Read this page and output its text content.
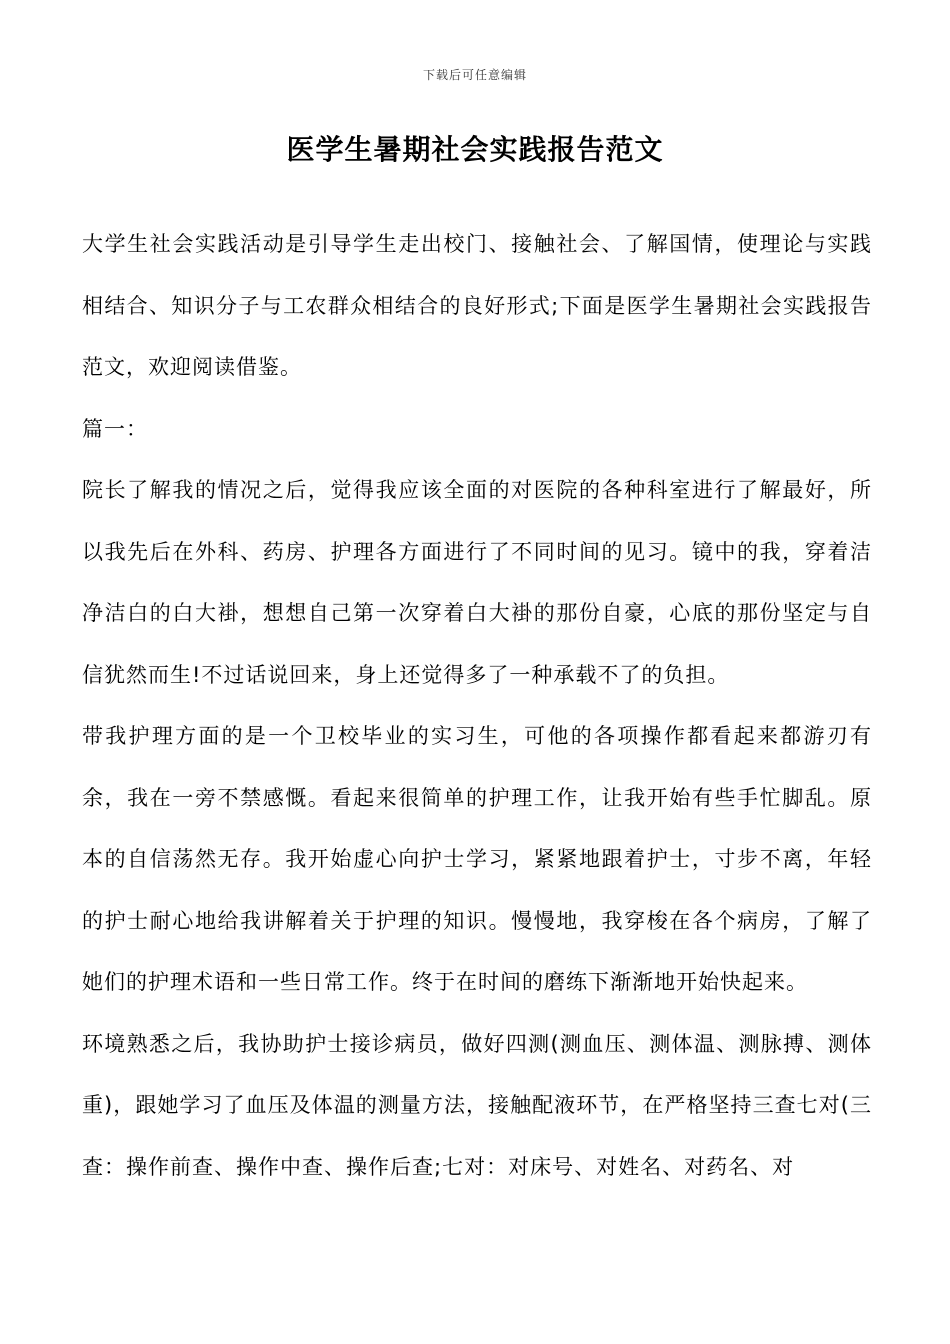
下载后可任意编辑
医学生暑期社会实践报告范文

大学生社会实践活动是引导学生走出校门、接触社会、了解国情，使理论与实践相结合、知识分子与工农群众相结合的良好形式;下面是医学生暑期社会实践报告范文，欢迎阅读借鉴。

篇一：

院长了解我的情况之后，觉得我应该全面的对医院的各种科室进行了解最好，所以我先后在外科、药房、护理各方面进行了不同时间的见习。镜中的我，穿着洁净洁白的白大褂，想想自己第一次穿着白大褂的那份自豪，心底的那份坚定与自信犹然而生!不过话说回来，身上还觉得多了一种承载不了的负担。

带我护理方面的是一个卫校毕业的实习生，可他的各项操作都看起来都游刃有余，我在一旁不禁感慨。看起来很简单的护理工作，让我开始有些手忙脚乱。原本的自信荡然无存。我开始虚心向护士学习，紧紧地跟着护士，寸步不离，年轻的护士耐心地给我讲解着关于护理的知识。慢慢地，我穿梭在各个病房，了解了她们的护理术语和一些日常工作。终于在时间的磨练下渐渐地开始快起来。

环境熟悉之后，我协助护士接诊病员，做好四测(测血压、测体温、测脉搏、测体重)，跟她学习了血压及体温的测量方法，接触配液环节，在严格坚持三查七对(三查：操作前查、操作中查、操作后查;七对：对床号、对姓名、对药名、对
